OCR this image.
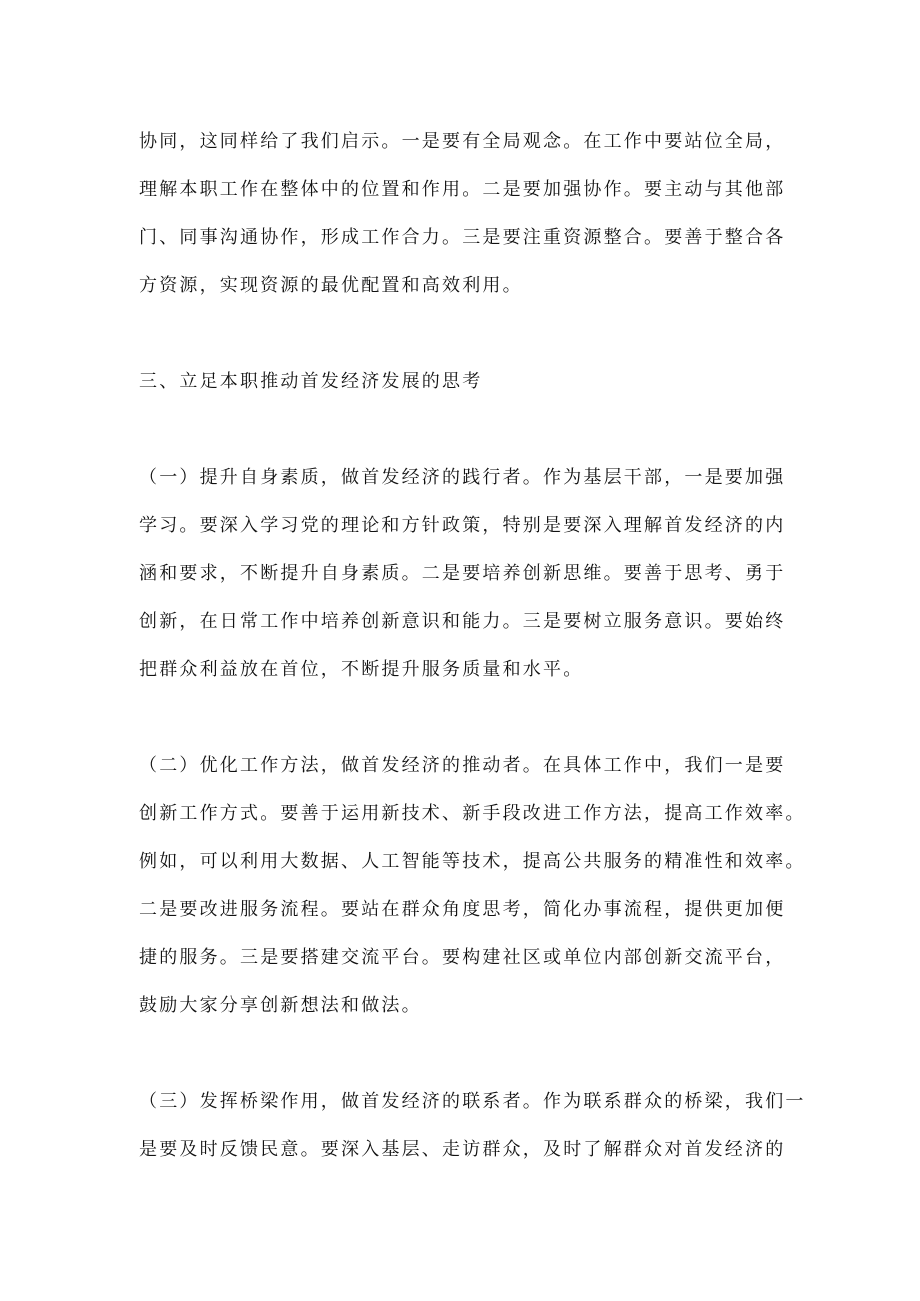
协同，这同样给了我们启示。一是要有全局观念。在工作中要站位全局，
理解本职工作在整体中的位置和作用。二是要加强协作。要主动与其他部
门、同事沟通协作，形成工作合力。三是要注重资源整合。要善于整合各
方资源，实现资源的最优配置和高效利用。
三、立足本职推动首发经济发展的思考
（一）提升自身素质，做首发经济的践行者。作为基层干部，一是要加强
学习。要深入学习党的理论和方针政策，特别是要深入理解首发经济的内
涵和要求，不断提升自身素质。二是要培养创新思维。要善于思考、勇于
创新，在日常工作中培养创新意识和能力。三是要树立服务意识。要始终
把群众利益放在首位，不断提升服务质量和水平。
（二）优化工作方法，做首发经济的推动者。在具体工作中，我们一是要
创新工作方式。要善于运用新技术、新手段改进工作方法，提高工作效率。
例如，可以利用大数据、人工智能等技术，提高公共服务的精准性和效率。
二是要改进服务流程。要站在群众角度思考，简化办事流程，提供更加便
捷的服务。三是要搭建交流平台。要构建社区或单位内部创新交流平台，
鼓励大家分享创新想法和做法。
（三）发挥桥梁作用，做首发经济的联系者。作为联系群众的桥梁，我们一
是要及时反馈民意。要深入基层、走访群众，及时了解群众对首发经济的
